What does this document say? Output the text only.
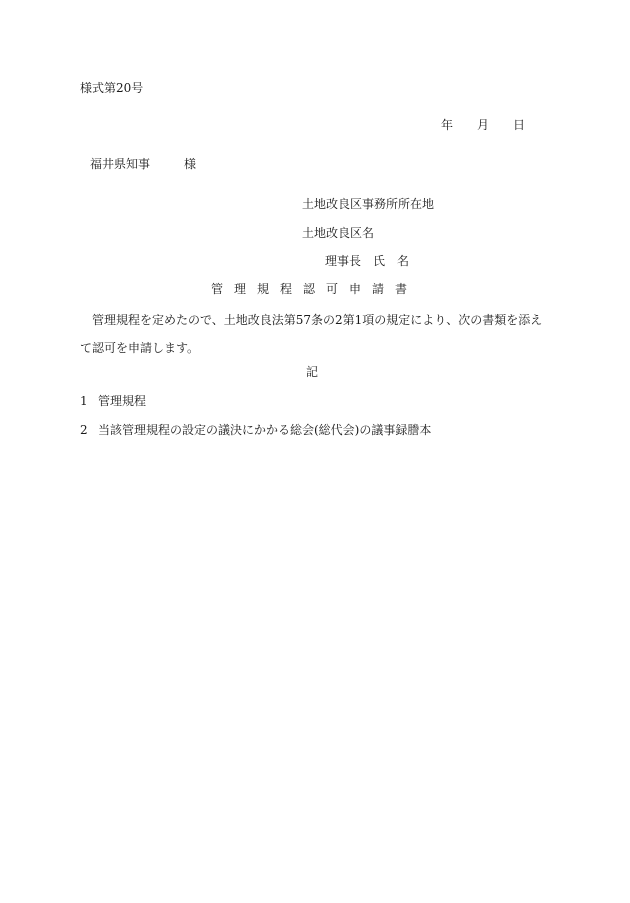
様式第20号
年 月 日
福井県知事	様
土地改良区事務所所在地
土地改良区名
理事長 氏　名
管理規程認可申請書
管理規程を定めたので、土地改良法第57条の2第1項の規定により、次の書類を添えて認可を申請します。
記
1 管理規程
2 当該管理規程の設定の議決にかかる総会(総代会)の議事録謄本
